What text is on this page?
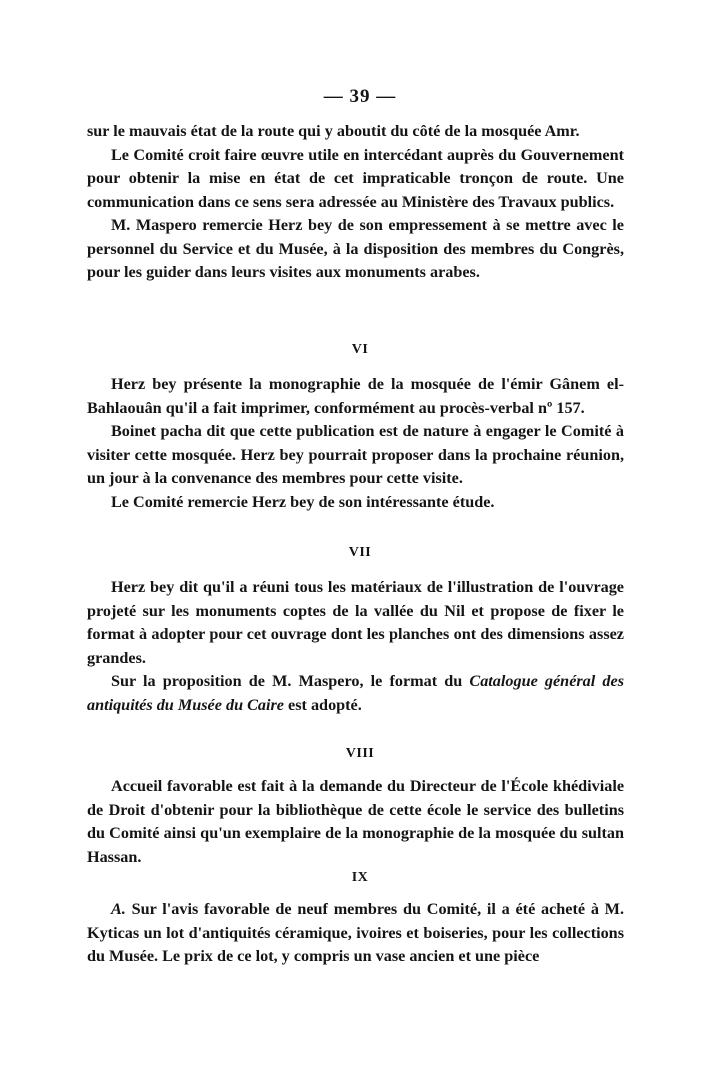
— 39 —

sur le mauvais état de la route qui y aboutit du côté de la mosquée Amr.

Le Comité croit faire œuvre utile en intercédant auprès du Gouvernement pour obtenir la mise en état de cet impraticable tronçon de route. Une communication dans ce sens sera adressée au Ministère des Travaux publics.

M. Maspero remercie Herz bey de son empressement à se mettre avec le personnel du Service et du Musée, à la disposition des membres du Congrès, pour les guider dans leurs visites aux monuments arabes.

VI

Herz bey présente la monographie de la mosquée de l'émir Gânem el-Bahlaouân qu'il a fait imprimer, conformément au procès-verbal nº 157.

Boinet pacha dit que cette publication est de nature à engager le Comité à visiter cette mosquée. Herz bey pourrait proposer dans la prochaine réunion, un jour à la convenance des membres pour cette visite.

Le Comité remercie Herz bey de son intéressante étude.

VII

Herz bey dit qu'il a réuni tous les matériaux de l'illustration de l'ouvrage projeté sur les monuments coptes de la vallée du Nil et propose de fixer le format à adopter pour cet ouvrage dont les planches ont des dimensions assez grandes.

Sur la proposition de M. Maspero, le format du Catalogue général des antiquités du Musée du Caire est adopté.

VIII

Accueil favorable est fait à la demande du Directeur de l'École khédiviale de Droit d'obtenir pour la bibliothèque de cette école le service des bulletins du Comité ainsi qu'un exemplaire de la monographie de la mosquée du sultan Hassan.

IX

A. Sur l'avis favorable de neuf membres du Comité, il a été acheté à M. Kyticas un lot d'antiquités céramique, ivoires et boiseries, pour les collections du Musée. Le prix de ce lot, y compris un vase ancien et une pièce
